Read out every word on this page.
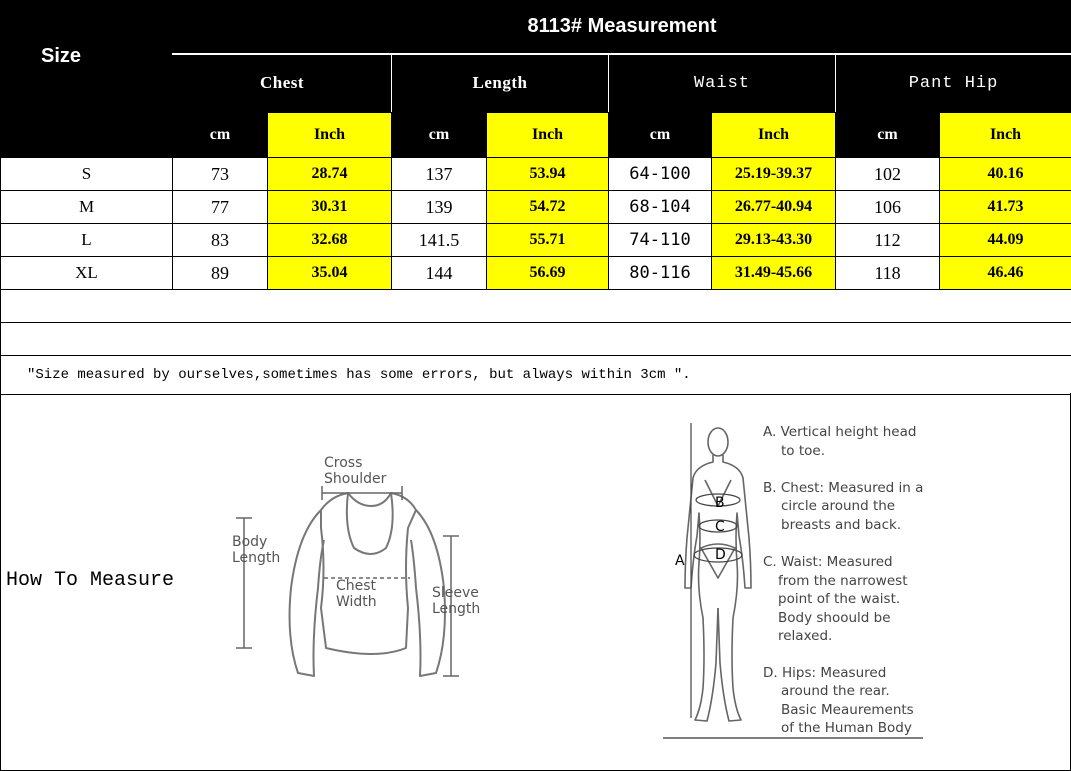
Size	8113# Measurement							
	Chest		Length		Waist		Pant Hip	
	cm	Inch	cm	Inch	cm	Inch	cm	Inch
S	73	28.74	137	53.94	64-100	25.19-39.37	102	40.16
M	77	30.31	139	54.72	68-104	26.77-40.94	106	41.73
L	83	32.68	141.5	55.71	74-110	29.13-43.30	112	44.09
XL	89	35.04	144	56.69	80-116	31.49-45.66	118	46.46

"Size measured by ourselves,sometimes has some errors, but always within 3cm ".								
How To Measure
Cross
Shoulder
Body
Length
Chest
Width
Sleeve
Length
A
B
C
D
A. Vertical height head
to toe.
B. Chest: Measured in a
circle around the
breasts and back.
C. Waist: Measured
from the narrowest
point of the waist.
Body shoould be
relaxed.
D. Hips: Measured
around the rear.
Basic Meaurements
of the Human Body
